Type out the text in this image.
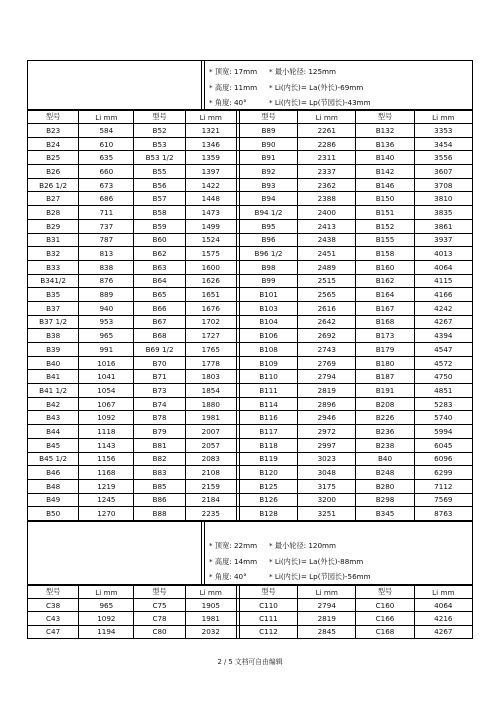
* 顶宽: 17mm * 最小轮径: 125mm
* 高度: 11mm * Li(内长)= La(外长)-69mm
* 角度: 40°	* Li(内长)= Lp(节园长)-43mm
型号	Li mm	型号	Li mm		型号	Li mm	型号	Li mm
B23	584	B52	1321		B89	2261	B132	3353
B24	610	B53	1346		B90	2286	B136	3454
B25	635	B53 1/2	1359		B91	2311	B140	3556
B26	660	B55	1397		B92	2337	B142	3607
B26 1/2	673	B56	1422		B93	2362	B146	3708
B27	686	B57	1448		B94	2388	B150	3810
B28	711	B58	1473		B94 1/2	2400	B151	3835
B29	737	B59	1499		B95	2413	B152	3861
B31	787	B60	1524		B96	2438	B155	3937
B32	813	B62	1575		B96 1/2	2451	B158	4013
B33	838	B63	1600		B98	2489	B160	4064
B341/2	876	B64	1626		B99	2515	B162	4115
B35	889	B65	1651		B101	2565	B164	4166
B37	940	B66	1676		B103	2616	B167	4242
B37 1/2	953	B67	1702		B104	2642	B168	4267
B38	965	B68	1727		B106	2692	B173	4394
B39	991	B69 1/2	1765		B108	2743	B179	4547
B40	1016	B70	1778		B109	2769	B180	4572
B41	1041	B71	1803		B110	2794	B187	4750
B41 1/2	1054	B73	1854		B111	2819	B191	4851
B42	1067	B74	1880		B114	2896	B208	5283
B43	1092	B78	1981		B116	2946	B226	5740
B44	1118	B79	2007		B117	2972	B236	5994
B45	1143	B81	2057		B118	2997	B238	6045
B45 1/2	1156	B82	2083		B119	3023	B40	6096
B46	1168	B83	2108		B120	3048	B248	6299
B48	1219	B85	2159		B125	3175	B280	7112
B49	1245	B86	2184		B126	3200	B298	7569
B50	1270	B88	2235		B128	3251	B345	8763
* 顶宽: 22mm * 最小轮径: 120mm
* 高度: 14mm * Li(内长)= La(外长)-88mm
* 角度: 40°	* Li(内长)= Lp(节园长)-56mm
型号	Li mm	型号	Li mm		型号	Li mm	型号	Li mm
C38	965	C75	1905		C110	2794	C160	4064
C43	1092	C78	1981		C111	2819	C166	4216
C47	1194	C80	2032		C112	2845	C168	4267
2 / 5 文档可自由编辑
